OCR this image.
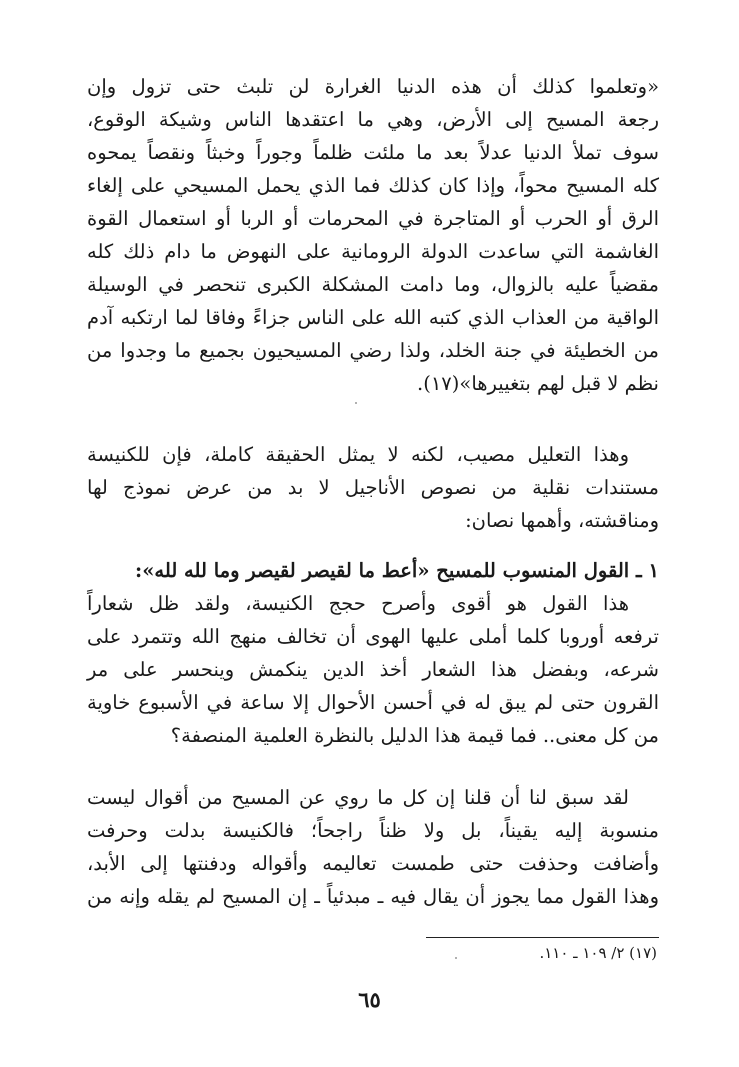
«وتعلموا كذلك أن هذه الدنيا الغرارة لن تلبث حتى تزول وإن
رجعة المسيح إلى الأرض، وهي ما اعتقدها الناس وشيكة الوقوع،
سوف تملأ الدنيا عدلاً بعد ما ملئت ظلماً وجوراً وخبثاً ونقصاً يمحوه
كله المسيح محواً، وإذا كان كذلك فما الذي يحمل المسيحي على إلغاء
الرق أو الحرب أو المتاجرة في المحرمات أو الربا أو استعمال القوة
الغاشمة التي ساعدت الدولة الرومانية على النهوض ما دام ذلك كله
مقضياً عليه بالزوال، وما دامت المشكلة الكبرى تنحصر في الوسيلة
الواقية من العذاب الذي كتبه الله على الناس جزاءً وفاقا لما ارتكبه آدم
من الخطيئة في جنة الخلد، ولذا رضي المسيحيون بجميع ما وجدوا من
نظم لا قبل لهم بتغييرها»(١٧).
وهذا التعليل مصيب، لكنه لا يمثل الحقيقة كاملة، فإن للكنيسة
مستندات نقلية من نصوص الأناجيل لا بد من عرض نموذج لها
ومناقشته، وأهمها نصان:
١ ـ القول المنسوب للمسيح «أعط ما لقيصر لقيصر وما لله لله»:
هذا القول هو أقوى وأصرح حجج الكنيسة، ولقد ظل شعاراً
ترفعه أوروبا كلما أملى عليها الهوى أن تخالف منهج الله وتتمرد على
شرعه، وبفضل هذا الشعار أخذ الدين ينكمش وينحسر على مر
القرون حتى لم يبق له في أحسن الأحوال إلا ساعة في الأسبوع خاوية
من كل معنى.. فما قيمة هذا الدليل بالنظرة العلمية المنصفة؟
لقد سبق لنا أن قلنا إن كل ما روي عن المسيح من أقوال ليست
منسوبة إليه يقيناً، بل ولا ظناً راجحاً؛ فالكنيسة بدلت وحرفت
وأضافت وحذفت حتى طمست تعاليمه وأقواله ودفنتها إلى الأبد،
وهذا القول مما يجوز أن يقال فيه ـ مبدئياً ـ إن المسيح لم يقله وإنه من
(١٧) ٢/ ١٠٩ ـ ١١٠.
٦٥
